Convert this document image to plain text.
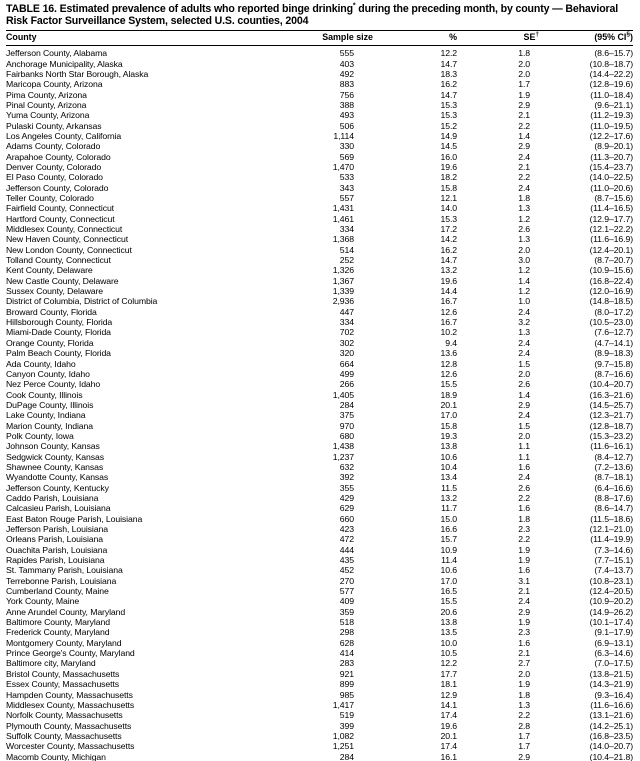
TABLE 16. Estimated prevalence of adults who reported binge drinking* during the preceding month, by county — Behavioral
Risk Factor Surveillance System, selected U.S. counties, 2004
County	Sample size	%	SE†	(95% CI§)
Jefferson County, Alabama	555	12.2	1.8	(8.6–15.7)
Anchorage Municipality, Alaska	403	14.7	2.0	(10.8–18.7)
Fairbanks North Star Borough, Alaska	492	18.3	2.0	(14.4–22.2)
Maricopa County, Arizona	883	16.2	1.7	(12.8–19.6)
Pima County, Arizona	756	14.7	1.9	(11.0–18.4)
Pinal County, Arizona	388	15.3	2.9	(9.6–21.1)
Yuma County, Arizona	493	15.3	2.1	(11.2–19.3)
Pulaski County, Arkansas	506	15.2	2.2	(11.0–19.5)
Los Angeles County, California	1,114	14.9	1.4	(12.2–17.6)
Adams County, Colorado	330	14.5	2.9	(8.9–20.1)
Arapahoe County, Colorado	569	16.0	2.4	(11.3–20.7)
Denver County, Colorado	1,470	19.6	2.1	(15.4–23.7)
El Paso County, Colorado	533	18.2	2.2	(14.0–22.5)
Jefferson County, Colorado	343	15.8	2.4	(11.0–20.6)
Teller County, Colorado	557	12.1	1.8	(8.7–15.6)
Fairfield County, Connecticut	1,431	14.0	1.3	(11.4–16.5)
Hartford County, Connecticut	1,461	15.3	1.2	(12.9–17.7)
Middlesex County, Connecticut	334	17.2	2.6	(12.1–22.2)
New Haven County, Connecticut	1,368	14.2	1.3	(11.6–16.9)
New London County, Connecticut	514	16.2	2.0	(12.4–20.1)
Tolland County, Connecticut	252	14.7	3.0	(8.7–20.7)
Kent County, Delaware	1,326	13.2	1.2	(10.9–15.6)
New Castle County, Delaware	1,367	19.6	1.4	(16.8–22.4)
Sussex County, Delaware	1,339	14.4	1.2	(12.0–16.9)
District of Columbia, District of Columbia	2,936	16.7	1.0	(14.8–18.5)
Broward County, Florida	447	12.6	2.4	(8.0–17.2)
Hillsborough County, Florida	334	16.7	3.2	(10.5–23.0)
Miami-Dade County, Florida	702	10.2	1.3	(7.6–12.7)
Orange County, Florida	302	9.4	2.4	(4.7–14.1)
Palm Beach County, Florida	320	13.6	2.4	(8.9–18.3)
Ada County, Idaho	664	12.8	1.5	(9.7–15.8)
Canyon County, Idaho	499	12.6	2.0	(8.7–16.6)
Nez Perce County, Idaho	266	15.5	2.6	(10.4–20.7)
Cook County, Illinois	1,405	18.9	1.4	(16.3–21.6)
DuPage County, Illinois	284	20.1	2.9	(14.5–25.7)
Lake County, Indiana	375	17.0	2.4	(12.3–21.7)
Marion County, Indiana	970	15.8	1.5	(12.8–18.7)
Polk County, Iowa	680	19.3	2.0	(15.3–23.2)
Johnson County, Kansas	1,438	13.8	1.1	(11.6–16.1)
Sedgwick County, Kansas	1,237	10.6	1.1	(8.4–12.7)
Shawnee County, Kansas	632	10.4	1.6	(7.2–13.6)
Wyandotte County, Kansas	392	13.4	2.4	(8.7–18.1)
Jefferson County, Kentucky	355	11.5	2.6	(6.4–16.6)
Caddo Parish, Louisiana	429	13.2	2.2	(8.8–17.6)
Calcasieu Parish, Louisiana	629	11.7	1.6	(8.6–14.7)
East Baton Rouge Parish, Louisiana	660	15.0	1.8	(11.5–18.6)
Jefferson Parish, Louisiana	423	16.6	2.3	(12.1–21.0)
Orleans Parish, Louisiana	472	15.7	2.2	(11.4–19.9)
Ouachita Parish, Louisiana	444	10.9	1.9	(7.3–14.6)
Rapides Parish, Louisiana	435	11.4	1.9	(7.7–15.1)
St. Tammany Parish, Louisiana	452	10.6	1.6	(7.4–13.7)
Terrebonne Parish, Louisiana	270	17.0	3.1	(10.8–23.1)
Cumberland County, Maine	577	16.5	2.1	(12.4–20.5)
York County, Maine	409	15.5	2.4	(10.9–20.2)
Anne Arundel County, Maryland	359	20.6	2.9	(14.9–26.2)
Baltimore County, Maryland	518	13.8	1.9	(10.1–17.4)
Frederick County, Maryland	298	13.5	2.3	(9.1–17.9)
Montgomery County, Maryland	628	10.0	1.6	(6.9–13.1)
Prince George's County, Maryland	414	10.5	2.1	(6.3–14.6)
Baltimore city, Maryland	283	12.2	2.7	(7.0–17.5)
Bristol County, Massachusetts	921	17.7	2.0	(13.8–21.5)
Essex County, Massachusetts	899	18.1	1.9	(14.3–21.9)
Hampden County, Massachusetts	985	12.9	1.8	(9.3–16.4)
Middlesex County, Massachusetts	1,417	14.1	1.3	(11.6–16.6)
Norfolk County, Massachusetts	519	17.4	2.2	(13.1–21.6)
Plymouth County, Massachusetts	399	19.6	2.8	(14.2–25.1)
Suffolk County, Massachusetts	1,082	20.1	1.7	(16.8–23.5)
Worcester County, Massachusetts	1,251	17.4	1.7	(14.0–20.7)
Macomb County, Michigan	284	16.1	2.9	(10.4–21.8)
